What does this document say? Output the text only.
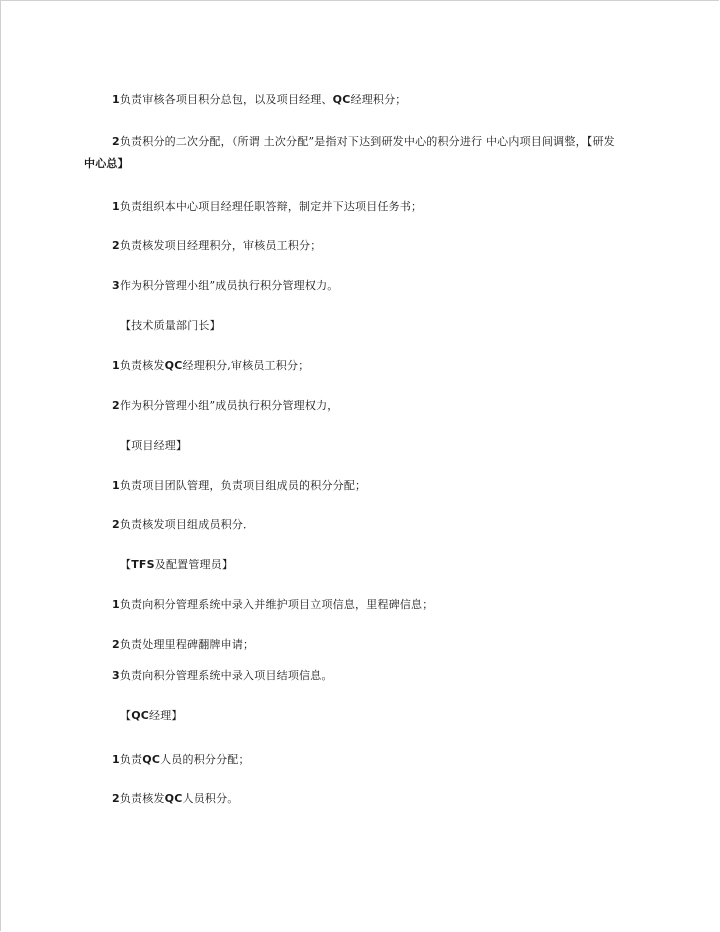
1负责审核各项目积分总包，以及项目经理、QC经理积分；
2负责积分的二次分配，（所谓 土次分配”是指对下达到研发中心的积分进行 中心内项目间调整，【研发
中心总】
1负责组织本中心项目经理任职答辩，制定并下达项目任务书；
2负责核发项目经理积分，审核员工积分；
3作为积分管理小组”成员执行积分管理权力。
【技术质量部门长】
1负责核发QC经理积分,审核员工积分；
2作为积分管理小组”成员执行积分管理权力，
【项目经理】
1负责项目团队管理，负责项目组成员的积分分配；
2负责核发项目组成员积分．
【TFS及配置管理员】
1负责向积分管理系统中录入并维护项目立项信息，里程碑信息；
2负责处理里程碑翻牌申请；
3负责向积分管理系统中录入项目结项信息。
【QC经理】
1负责QC人员的积分分配；
2负责核发QC人员积分。
